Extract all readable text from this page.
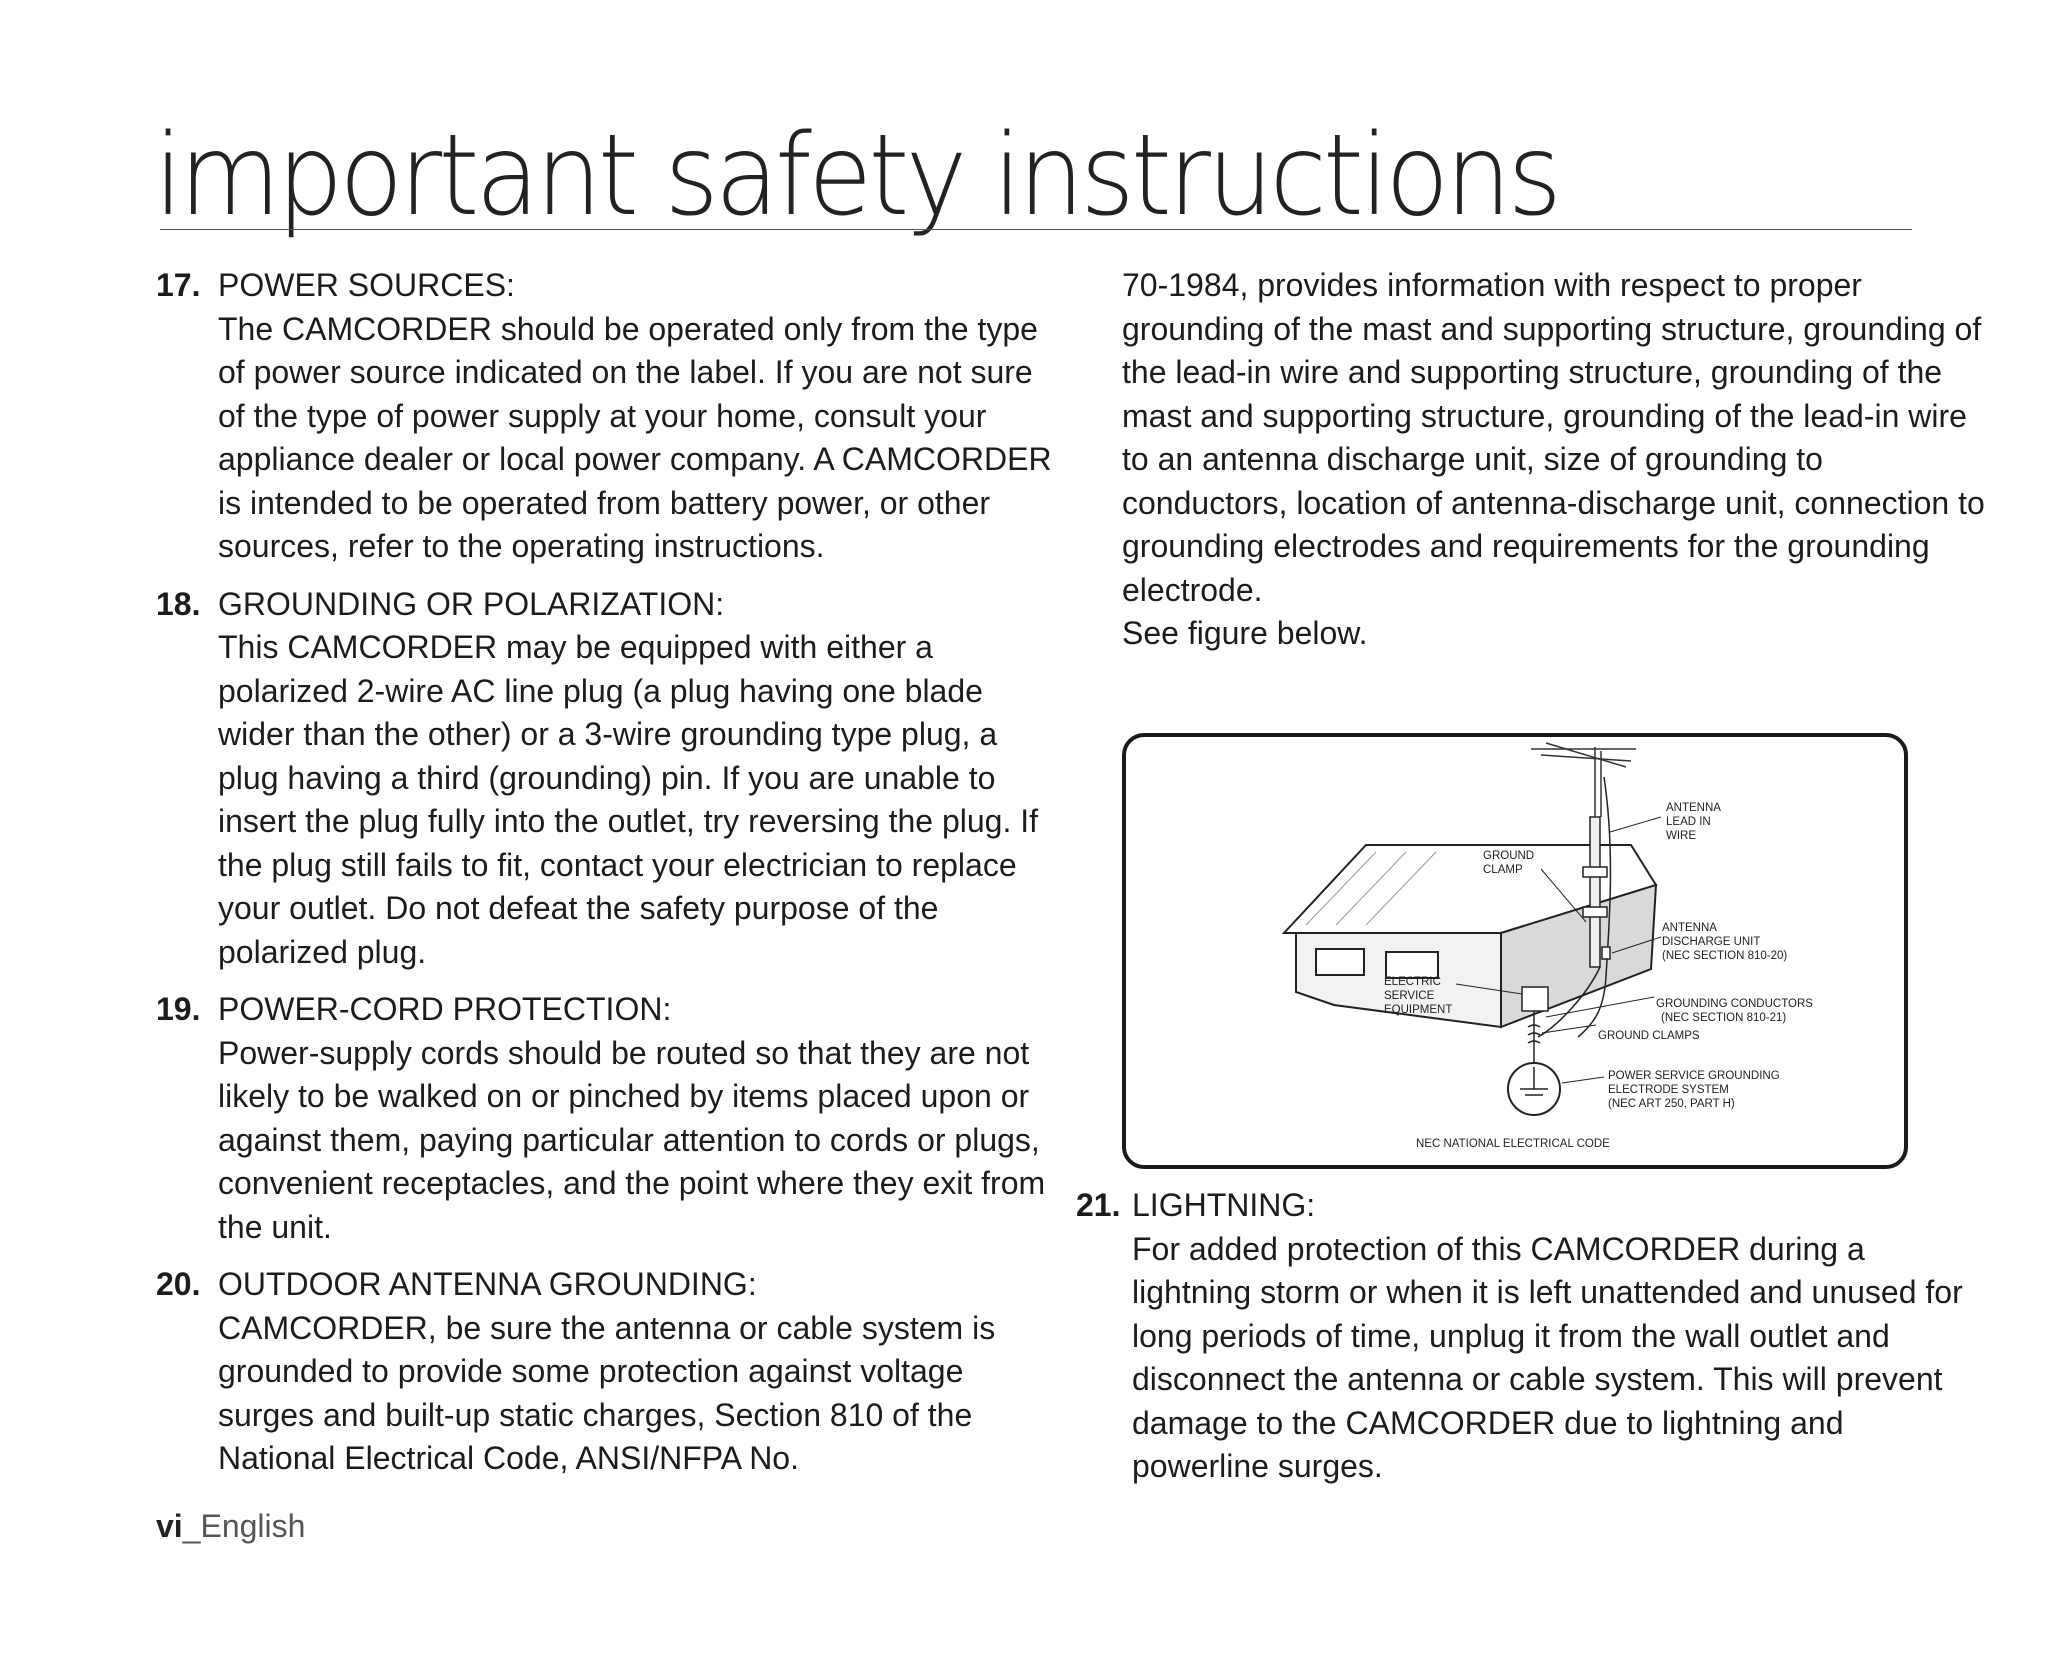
important safety instructions
17. POWER SOURCES:
The CAMCORDER should be operated only from the type of power source indicated on the label. If you are not sure of the type of power supply at your home, consult your appliance dealer or local power company. A CAMCORDER is intended to be operated from battery power, or other sources, refer to the operating instructions.
18. GROUNDING OR POLARIZATION:
This CAMCORDER may be equipped with either a polarized 2-wire AC line plug (a plug having one blade wider than the other) or a 3-wire grounding type plug, a plug having a third (grounding) pin. If you are unable to insert the plug fully into the outlet, try reversing the plug. If the plug still fails to fit, contact your electrician to replace your outlet. Do not defeat the safety purpose of the polarized plug.
19. POWER-CORD PROTECTION:
Power-supply cords should be routed so that they are not likely to be walked on or pinched by items placed upon or against them, paying particular attention to cords or plugs, convenient receptacles, and the point where they exit from the unit.
20. OUTDOOR ANTENNA GROUNDING:
CAMCORDER, be sure the antenna or cable system is grounded to provide some protection against voltage surges and built-up static charges, Section 810 of the National Electrical Code, ANSI/NFPA No.
70-1984, provides information with respect to proper grounding of the mast and supporting structure, grounding of the lead-in wire and supporting structure, grounding of the mast and supporting structure, grounding of the lead-in wire to an antenna discharge unit, size of grounding to conductors, location of antenna-discharge unit, connection to grounding electrodes and requirements for the grounding electrode.
See figure below.
ANTENNA
LEAD IN
WIRE
GROUND
CLAMP
ANTENNA
DISCHARGE UNIT
(NEC SECTION 810-20)
ELECTRIC
SERVICE
EQUIPMENT	GROUNDING CONDUCTORS
(NEC SECTION 810-21)
GROUND CLAMPS
POWER SERVICE GROUNDING
ELECTRODE SYSTEM
(NEC ART 250, PART H)
NEC NATIONAL ELECTRICAL CODE
21. LIGHTNING:
For added protection of this CAMCORDER during a lightning storm or when it is left unattended and unused for long periods of time, unplug it from the wall outlet and disconnect the antenna or cable system. This will prevent damage to the CAMCORDER due to lightning and powerline surges.
vi_English
